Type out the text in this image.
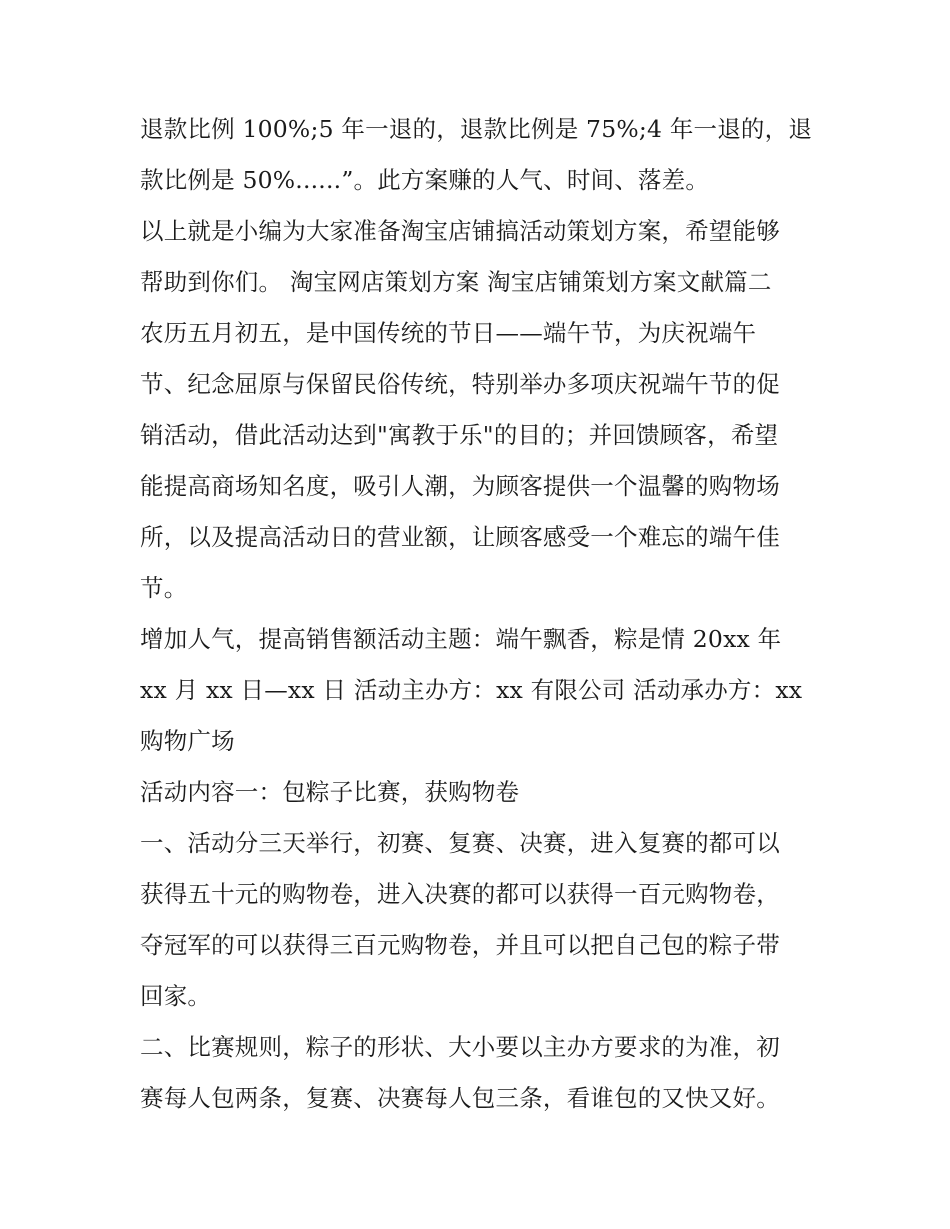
退款比例 100%;5 年一退的，退款比例是 75%;4 年一退的，退
款比例是 50%......”。此方案赚的人气、时间、落差。
以上就是小编为大家准备淘宝店铺搞活动策划方案，希望能够
帮助到你们。 淘宝网店策划方案 淘宝店铺策划方案文献篇二
农历五月初五，是中国传统的节日——端午节，为庆祝端午
节、纪念屈原与保留民俗传统，特别举办多项庆祝端午节的促
销活动，借此活动达到"寓教于乐"的目的；并回馈顾客，希望
能提高商场知名度，吸引人潮，为顾客提供一个温馨的购物场
所，以及提高活动日的营业额，让顾客感受一个难忘的端午佳
节。
增加人气，提高销售额活动主题：端午飘香，粽是情 20xx 年
xx 月 xx 日—xx 日 活动主办方：xx 有限公司 活动承办方：xx
购物广场
活动内容一：包粽子比赛，获购物卷
一、活动分三天举行，初赛、复赛、决赛，进入复赛的都可以
获得五十元的购物卷，进入决赛的都可以获得一百元购物卷，
夺冠军的可以获得三百元购物卷，并且可以把自己包的粽子带
回家。
二、比赛规则，粽子的形状、大小要以主办方要求的为准，初
赛每人包两条，复赛、决赛每人包三条，看谁包的又快又好。
